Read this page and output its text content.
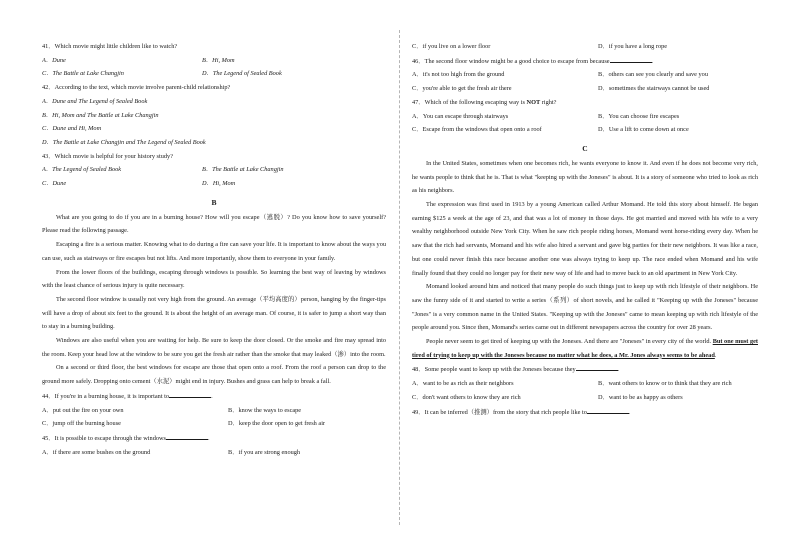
41．Which movie might little children like to watch?
A．Dune	B．Hi, Mom
C．The Battle at Lake Changjin	D．The Legend of Sealed Book
42．According to the text, which movie involve parent-child relationship?
A．Dune and The Legend of Sealed Book
B．Hi, Mom and The Battle at Lake Changjin
C．Dune and Hi, Mom
D．The Battle at Lake Changjin and The Legend of Sealed Book
43．Which movie is helpful for your history study?
A．The Legend of Sealed Book	B．The Battle at Lake Changjin
C．Dune	D．Hi, Mom
B
What are you going to do if you are in a burning house? How will you escape（逃脱）? Do you know how to save yourself? Please read the following passage.
Escaping a fire is a serious matter. Knowing what to do during a fire can save your life. It is important to know about the ways you can use, such as stairways or fire escapes but not lifts. And more importantly, show them to everyone in your family.
From the lower floors of the buildings, escaping through windows is possible. So learning the best way of leaving by windows with the least chance of serious injury is quite necessary.
The second floor window is usually not very high from the ground. An average（平均高度的）person, hanging by the finger-tips will have a drop of about six feet to the ground. It is about the height of an average man. Of course, it is safer to jump a short way than to stay in a burning building.
Windows are also useful when you are waiting for help. Be sure to keep the door closed. Or the smoke and fire may spread into the room. Keep your head low at the window to be sure you get the fresh air rather than the smoke that may leaked（渗）into the room.
On a second or third floor, the best windows for escape are those that open onto a roof. From the roof a person can drop to the ground more safely. Dropping onto cement（水泥）might end in injury. Bushes and grass can help to break a fall.
44．If you're in a burning house, it is important to	.
A．put out the fire on your own	B．know the ways to escape
C．jump off the burning house	D．keep the door open to get fresh air
45．It is possible to escape through the windows	.
A．if there are some bushes on the ground	B．if you are strong enough
C．if you live on a lower floor	D．if you have a long rope
46．The second floor window might be a good choice to escape from because	.
A．it's not too high from the ground	B．others can see you clearly and save you
C．you're able to get the fresh air there	D．sometimes the stairways cannot be used
47．Which of the following escaping way is NOT right?
A．You can escape through stairways	B．You can choose fire escapes
C．Escape from the windows that open onto a roof	D．Use a lift to come down at once
C
In the United States, sometimes when one becomes rich, he wants everyone to know it. And even if he does not become very rich, he wants people to think that he is. That is what "keeping up with the Joneses" is about. It is a story of someone who tried to look as rich as his neighbors.
The expression was first used in 1913 by a young American called Arthur Momand. He told this story about himself. He began earning $125 a week at the age of 23, and that was a lot of money in those days. He got married and moved with his wife to a very wealthy neighborhood outside New York City. When he saw rich people riding horses, Momand went horse-riding every day. When he saw that the rich had servants, Momand and his wife also hired a servant and gave big parties for their new neighbors. It was like a race, but one could never finish this race because another one was always trying to keep up. The race ended when Momand and his wife finally found that they could no longer pay for their new way of life and had to move back to an old apartment in New York City.
Momand looked around him and noticed that many people do such things just to keep up with rich lifestyle of their neighbors. He saw the funny side of it and started to write a series（系列）of short novels, and he called it "Keeping up with the Joneses" because "Jones" is a very common name in the United States. "Keeping up with the Joneses" came to mean keeping up with rich lifestyle of the people around you. Since then, Momand's series came out in different newspapers across the country for over 28 years.
People never seem to get tired of keeping up with the Joneses. And there are "Joneses" in every city of the world. But one must get tired of trying to keep up with the Joneses because no matter what he does, a Mr. Jones always seems to be ahead.
48．Some people want to keep up with the Joneses because they	.
A．want to be as rich as their neighbors	B．want others to know or to think that they are rich
C．don't want others to know they are rich	D．want to be as happy as others
49．It can be inferred（推测）from the story that rich people like to	.
